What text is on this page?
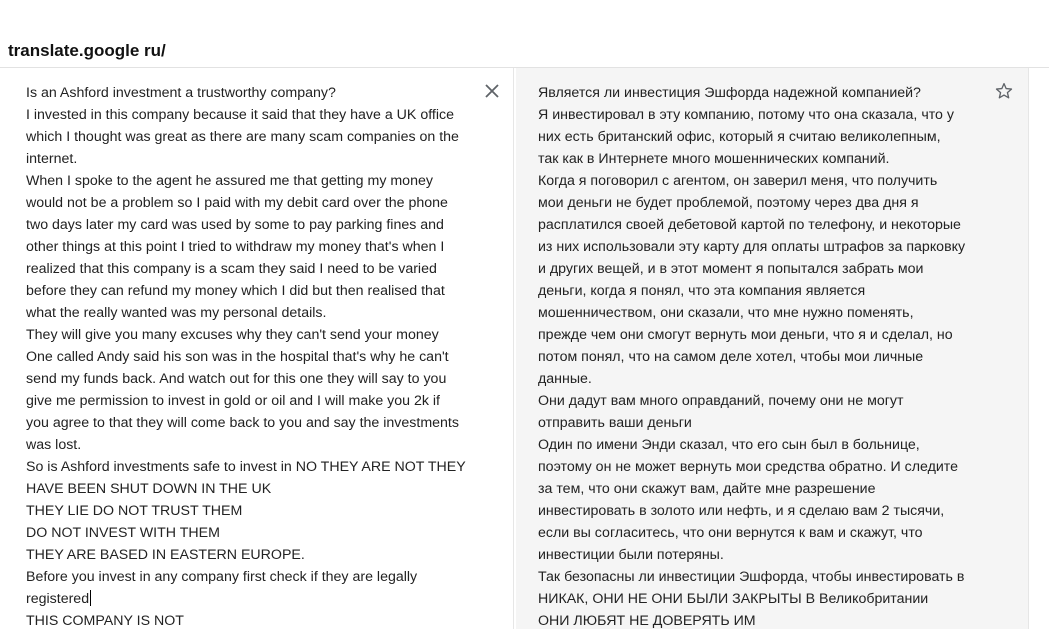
translate.google ru/
Is an Ashford investment a trustworthy company?
I invested in this company because it said that they have a UK office
which I thought was great as there are many scam companies on the
internet.
When I spoke to the agent he assured me that getting my money
would not be a problem so I paid with my debit card over the phone
two days later my card was used by some to pay parking fines and
other things at this point I tried to withdraw my money that's when I
realized that this company is a scam they said I need to be varied
before they can refund my money which I did but then realised that
what the really wanted was my personal details.
They will give you many excuses why they can't send your money
One called Andy said his son was in the hospital that's why he can't
send my funds back. And watch out for this one they will say to you
give me permission to invest in gold or oil and I will make you 2k if
you agree to that they will come back to you and say the investments
was lost.
So is Ashford investments safe to invest in NO THEY ARE NOT THEY
HAVE BEEN SHUT DOWN IN THE UK
THEY LIE DO NOT TRUST THEM
DO NOT INVEST WITH THEM
THEY ARE BASED IN EASTERN EUROPE.
Before you invest in any company first check if they are legally
registered
THIS COMPANY IS NOT
Является ли инвестиция Эшфорда надежной компанией?
Я инвестировал в эту компанию, потому что она сказала, что у
них есть британский офис, который я считаю великолепным,
так как в Интернете много мошеннических компаний.
Когда я поговорил с агентом, он заверил меня, что получить
мои деньги не будет проблемой, поэтому через два дня я
расплатился своей дебетовой картой по телефону, и некоторые
из них использовали эту карту для оплаты штрафов за парковку
и других вещей, и в этот момент я попытался забрать мои
деньги, когда я понял, что эта компания является
мошенничеством, они сказали, что мне нужно поменять,
прежде чем они смогут вернуть мои деньги, что я и сделал, но
потом понял, что на самом деле хотел, чтобы мои личные
данные.
Они дадут вам много оправданий, почему они не могут
отправить ваши деньги
Один по имени Энди сказал, что его сын был в больнице,
поэтому он не может вернуть мои средства обратно. И следите
за тем, что они скажут вам, дайте мне разрешение
инвестировать в золото или нефть, и я сделаю вам 2 тысячи,
если вы согласитесь, что они вернутся к вам и скажут, что
инвестиции были потеряны.
Так безопасны ли инвестиции Эшфорда, чтобы инвестировать в
НИКАК, ОНИ НЕ ОНИ БЫЛИ ЗАКРЫТЫ В Великобритании
ОНИ ЛЮБЯТ НЕ ДОВЕРЯТЬ ИМ
